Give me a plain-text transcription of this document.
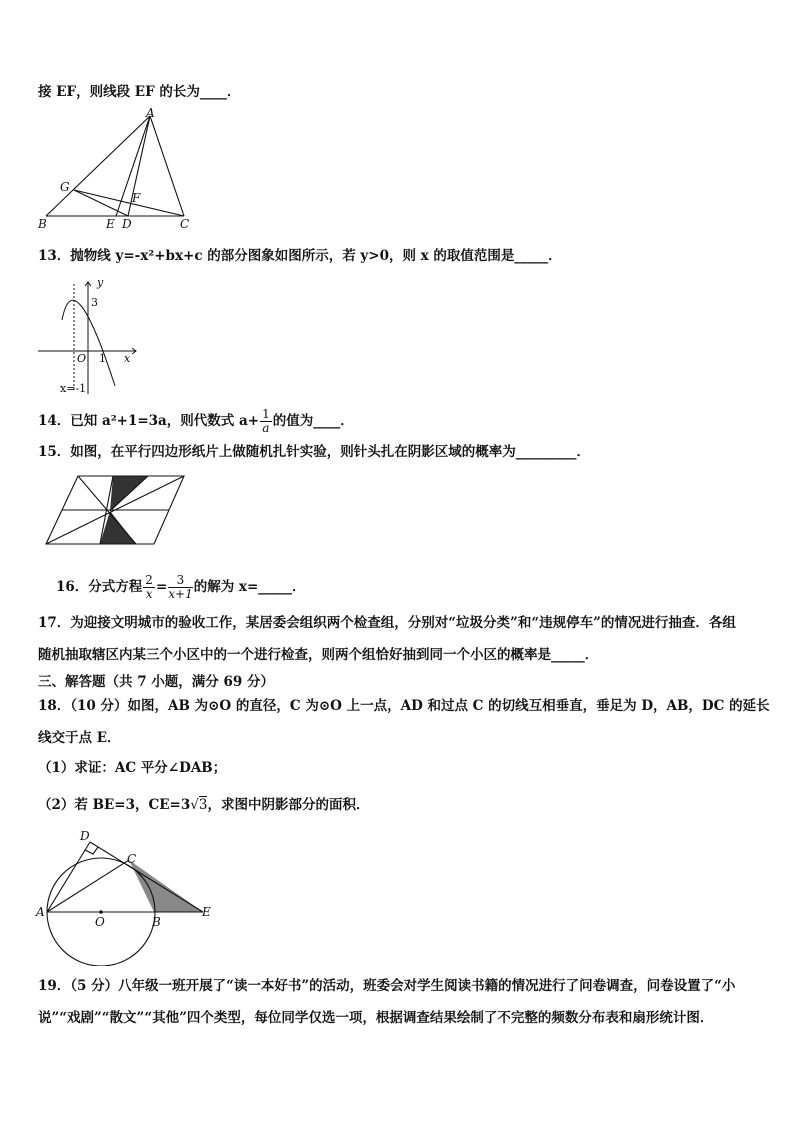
接 EF，则线段 EF 的长为____．
A
B	C
D
E
F
G
13．抛物线 y=-x²+bx+c 的部分图象如图所示，若 y>0，则 x 的取值范围是_____．
y
x
3
O 1
x=-1
14．已知 a²+1=3a，则代数式 $a+ \frac{1}{a}$ 的值为____．
15．如图，在平行四边形纸片上做随机扎针实验，则针头扎在阴影区域的概率为_________．
16．分式方程 $\frac{2}{x} = \frac{3}{x+1}$ 的解为 x=_____．
17．为迎接文明城市的验收工作，某居委会组织两个检查组，分别对“垃圾分类”和“违规停车”的情况进行抽查．各组
随机抽取辖区内某三个小区中的一个进行检查，则两个组恰好抽到同一个小区的概率是_____．
三、解答题（共 7 小题，满分 69 分）
18．（10 分）如图，AB 为⊙O 的直径，C 为⊙O 上一点，AD 和过点 C 的切线互相垂直，垂足为 D，AB，DC 的延长
线交于点 E．
（1）求证：AC 平分∠DAB；
（2）若 BE=3，CE=3√3，求图中阴影部分的面积．
D
C
A
O	B
E
19．（5 分）八年级一班开展了“读一本好书”的活动，班委会对学生阅读书籍的情况进行了问卷调查，问卷设置了“小
说”“戏剧”“散文”“其他”四个类型，每位同学仅选一项，根据调查结果绘制了不完整的频数分布表和扇形统计图．
